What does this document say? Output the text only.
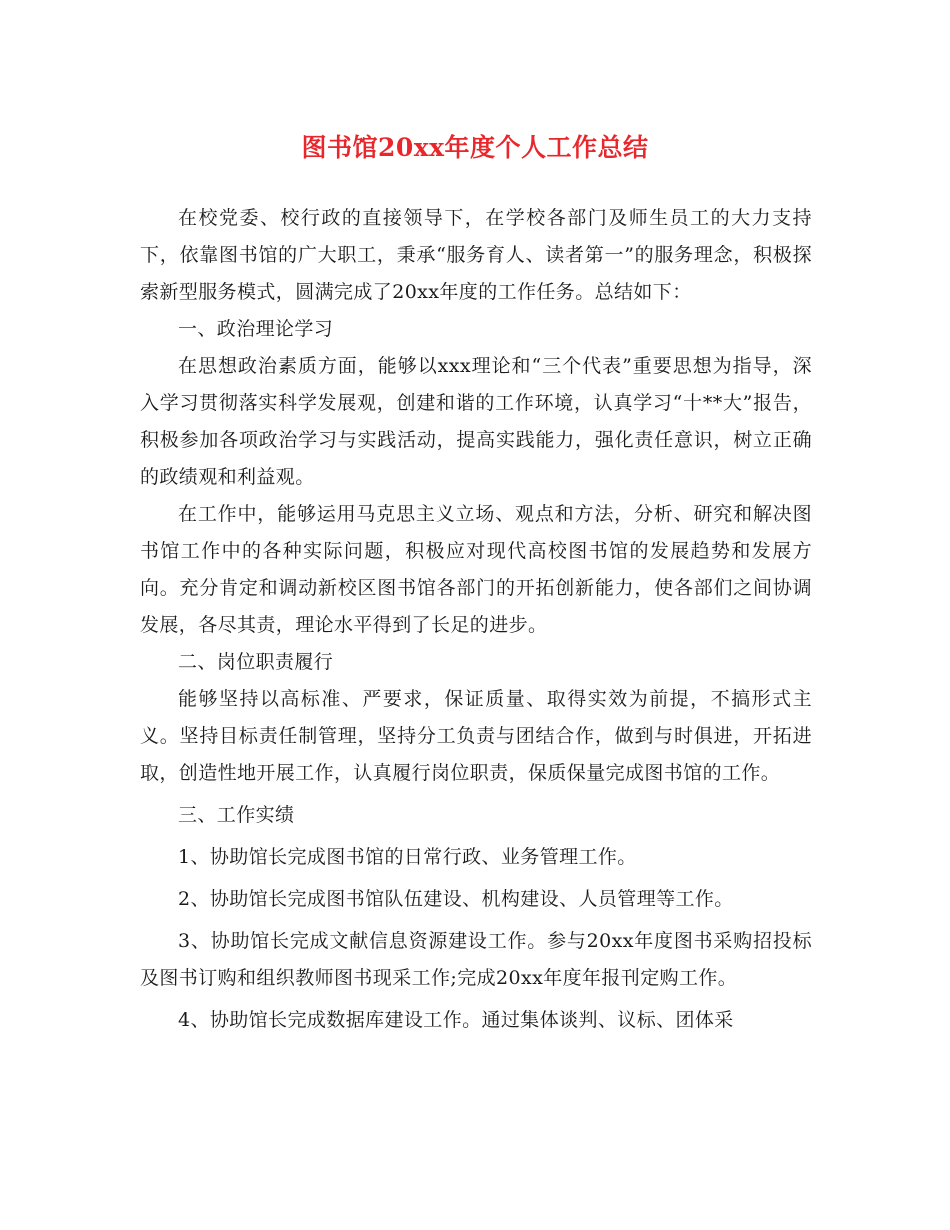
图书馆20xx年度个人工作总结

在校党委、校行政的直接领导下，在学校各部门及师生员工的大力支持下，依靠图书馆的广大职工，秉承“服务育人、读者第一”的服务理念，积极探索新型服务模式，圆满完成了20xx年度的工作任务。总结如下：

一、政治理论学习

在思想政治素质方面，能够以xxx理论和“三个代表”重要思想为指导，深入学习贯彻落实科学发展观，创建和谐的工作环境，认真学习“十**大”报告，积极参加各项政治学习与实践活动，提高实践能力，强化责任意识，树立正确的政绩观和利益观。

在工作中，能够运用马克思主义立场、观点和方法，分析、研究和解决图书馆工作中的各种实际问题，积极应对现代高校图书馆的发展趋势和发展方向。充分肯定和调动新校区图书馆各部门的开拓创新能力，使各部们之间协调发展，各尽其责，理论水平得到了长足的进步。

二、岗位职责履行

能够坚持以高标准、严要求，保证质量、取得实效为前提，不搞形式主义。坚持目标责任制管理，坚持分工负责与团结合作，做到与时俱进，开拓进取，创造性地开展工作，认真履行岗位职责，保质保量完成图书馆的工作。

三、工作实绩

1、协助馆长完成图书馆的日常行政、业务管理工作。

2、协助馆长完成图书馆队伍建设、机构建设、人员管理等工作。

3、协助馆长完成文献信息资源建设工作。参与20xx年度图书采购招投标及图书订购和组织教师图书现采工作;完成20xx年度年报刊定购工作。

4、协助馆长完成数据库建设工作。通过集体谈判、议标、团体采
